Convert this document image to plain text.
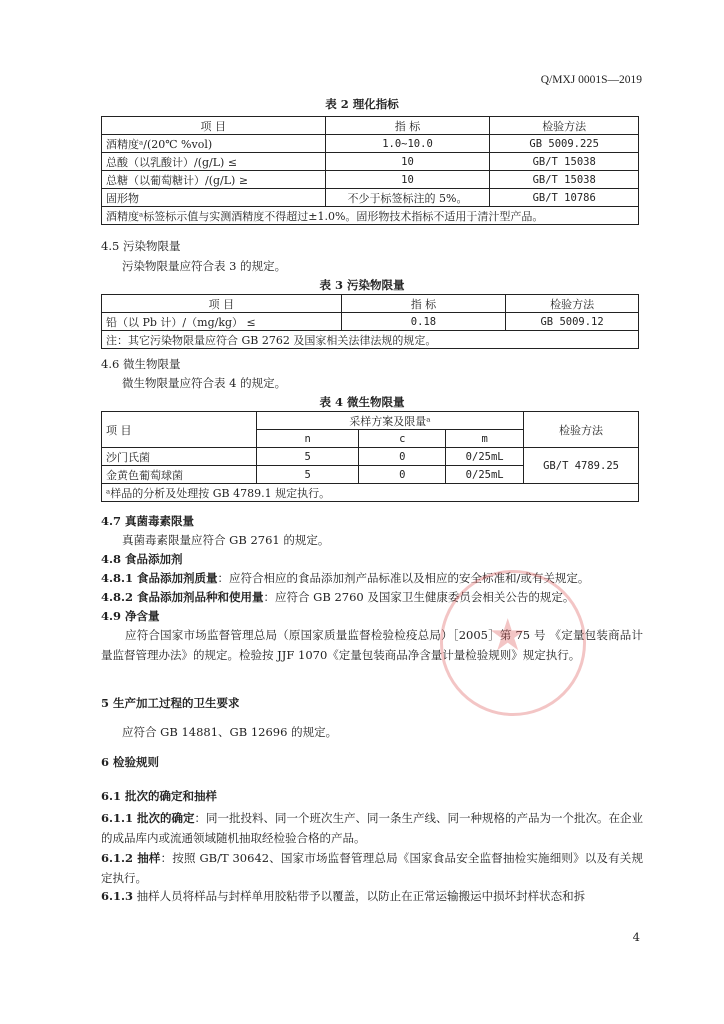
Q/MXJ 0001S—2019
表 2 理化指标
项 目	指 标	检验方法
酒精度ᵃ/(20℃ %vol)	1.0~10.0	GB 5009.225
总酸（以乳酸计）/(g/L) ≤	10	GB/T 15038
总糖（以葡萄糖计）/(g/L) ≥	10	GB/T 15038
固形物	不少于标签标注的 5%。	GB/T 10786
酒精度ᵃ标签标示值与实测酒精度不得超过±1.0%。固形物技术指标不适用于清汁型产品。		
4.5 污染物限量
污染物限量应符合表 3 的规定。
表 3 污染物限量
项 目	指 标	检验方法
铅（以 Pb 计）/（mg/kg） ≤	0.18	GB 5009.12
注：其它污染物限量应符合 GB 2762 及国家相关法律法规的规定。		
4.6 微生物限量
微生物限量应符合表 4 的规定。
表 4 微生物限量
项 目	采样方案及限量ᵃ			检验方法
	n	c	m	
沙门氏菌	5	0	0/25mL	GB/T 4789.25
金黄色葡萄球菌	5	0	0/25mL	
ᵃ样品的分析及处理按 GB 4789.1 规定执行。				
4.7 真菌毒素限量
真菌毒素限量应符合 GB 2761 的规定。
4.8 食品添加剂
4.8.1 食品添加剂质量：应符合相应的食品添加剂产品标准以及相应的安全标准和/或有关规定。
4.8.2 食品添加剂品种和使用量：应符合 GB 2760 及国家卫生健康委员会相关公告的规定。
4.9 净含量
应符合国家市场监督管理总局（原国家质量监督检验检疫总局）［2005］第 75 号 《定量包装商品计量监督管理办法》的规定。检验按 JJF 1070《定量包装商品净含量计量检验规则》规定执行。
5 生产加工过程的卫生要求
应符合 GB 14881、GB 12696 的规定。
6 检验规则
6.1 批次的确定和抽样
6.1.1 批次的确定：同一批投料、同一个班次生产、同一条生产线、同一种规格的产品为一个批次。在企业的成品库内或流通领域随机抽取经检验合格的产品。
6.1.2 抽样：按照 GB/T 30642、国家市场监督管理总局《国家食品安全监督抽检实施细则》以及有关规定执行。
6.1.3 抽样人员将样品与封样单用胶粘带予以覆盖，以防止在正常运输搬运中损坏封样状态和拆
4
★
